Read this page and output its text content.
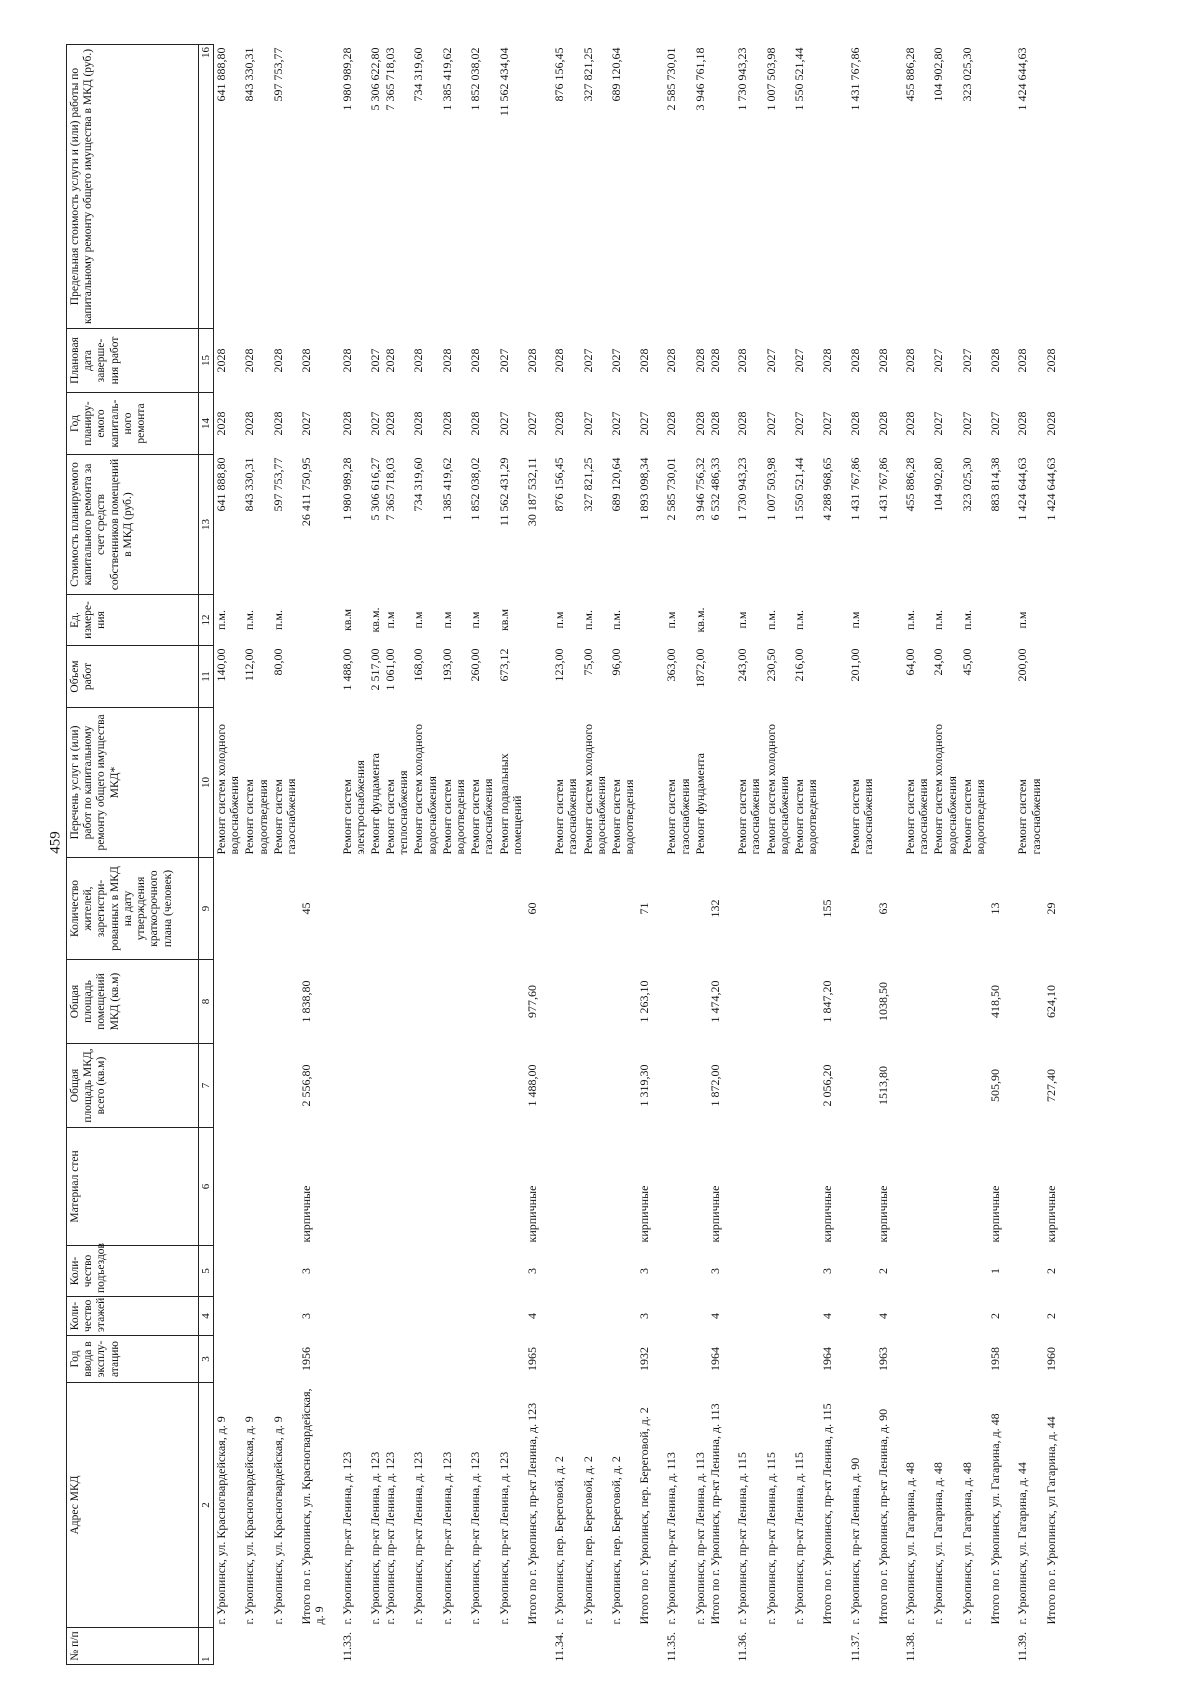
459
№ п/п	Адрес МКД	Год ввода в эксплу-атацию	Коли-чество этажей	Коли-чество подъездов	Материал стен	Общая площадь МКД, всего (кв.м)	Общая площадь помещений МКД (кв.м)	Количество жителей, зарегистри-рованных в МКД на дату утверждения краткосрочного плана (человек)	Перечень услуг и (или) работ по капитальному ремонту общего имущества МКД*	Объем работ	Ед. измере-ния	Стоимость планируемого капитального ремонта за счет средств собственников помещений в МКД (руб.)	Год планиру-емого капиталь-ного ремонта	Плановая дата заверше-ния работ	Предельная стоимость услуги и (или) работы по капитальному ремонту общего имущества в МКД (руб.)
1	2	3	4	5	6	7	8	9	10	11	12	13	14	15	16
	г. Урюпинск, ул. Красногвардейская, д. 9								Ремонт систем холодного водоснабжения	140,00	п.м.	641 888,80	2028	2028	641 888,80
	г. Урюпинск, ул. Красногвардейская, д. 9								Ремонт систем водоотведения	112,00	п.м.	843 330,31	2028	2028	843 330,31
	г. Урюпинск, ул. Красногвардейская, д. 9								Ремонт систем газоснабжения	80,00	п.м.	597 753,77	2028	2028	597 753,77
	Итого по г. Урюпинск, ул. Красногвардейская, д. 9	1956	3	3	кирпичные	2 556,80	1 838,80	45				26 411 750,95	2027	2028	

11.33.	г. Урюпинск, пр-кт Ленина, д. 123								Ремонт систем электроснабжения	1 488,00	кв.м	1 980 989,28	2028	2028	1 980 989,28
	г. Урюпинск, пр-кт Ленина, д. 123								Ремонт фундамента	2 517,00	кв.м.	5 306 616,27	2027	2027	5 306 622,80
	г. Урюпинск, пр-кт Ленина, д. 123								Ремонт систем теплоснабжения	1 061,00	п.м	7 365 718,03	2028	2028	7 365 718,03
	г. Урюпинск, пр-кт Ленина, д. 123								Ремонт систем холодного водоснабжения	168,00	п.м	734 319,60	2028	2028	734 319,60
	г. Урюпинск, пр-кт Ленина, д. 123								Ремонт систем водоотведения	193,00	п.м	1 385 419,62	2028	2028	1 385 419,62
	г. Урюпинск, пр-кт Ленина, д. 123								Ремонт систем газоснабжения	260,00	п.м	1 852 038,02	2028	2028	1 852 038,02
	г. Урюпинск, пр-кт Ленина, д. 123								Ремонт подвальных помещений	673,12	кв.м	11 562 431,29	2027	2027	11 562 434,04
	Итого по г. Урюпинск, пр-кт Ленина, д. 123	1965	4	3	кирпичные	1 488,00	977,60	60				30 187 532,11	2027	2028	

11.34.	г. Урюпинск, пер. Береговой, д. 2								Ремонт систем газоснабжения	123,00	п.м	876 156,45	2028	2028	876 156,45
	г. Урюпинск, пер. Береговой, д. 2								Ремонт систем холодного водоснабжения	75,00	п.м.	327 821,25	2027	2027	327 821,25
	г. Урюпинск, пер. Береговой, д. 2								Ремонт систем водоотведения	96,00	п.м.	689 120,64	2027	2027	689 120,64
	Итого по г. Урюпинск, пер. Береговой, д. 2	1932	3	3	кирпичные	1 319,30	1 263,10	71				1 893 098,34	2027	2028	

11.35.	г. Урюпинск, пр-кт Ленина, д. 113								Ремонт систем газоснабжения	363,00	п.м	2 585 730,01	2028	2028	2 585 730,01
	г. Урюпинск, пр-кт Ленина, д. 113								Ремонт фундамента	1872,00	кв.м.	3 946 756,32	2028	2028	3 946 761,18
	Итого по г. Урюпинск, пр-кт Ленина, д. 113	1964	4	3	кирпичные	1 872,00	1 474,20	132				6 532 486,33	2028	2028	

11.36.	г. Урюпинск, пр-кт Ленина, д. 115								Ремонт систем газоснабжения	243,00	п.м	1 730 943,23	2028	2028	1 730 943,23
	г. Урюпинск, пр-кт Ленина, д. 115								Ремонт систем холодного водоснабжения	230,50	п.м.	1 007 503,98	2027	2027	1 007 503,98
	г. Урюпинск, пр-кт Ленина, д. 115								Ремонт систем водоотведения	216,00	п.м.	1 550 521,44	2027	2027	1 550 521,44
	Итого по г. Урюпинск, пр-кт Ленина, д. 115	1964	4	3	кирпичные	2 056,20	1 847,20	155				4 288 968,65	2027	2028	

11.37.	г. Урюпинск, пр-кт Ленина, д. 90								Ремонт систем газоснабжения	201,00	п.м	1 431 767,86	2028	2028	1 431 767,86
	Итого по г. Урюпинск, пр-кт Ленина, д. 90	1963	4	2	кирпичные	1513,80	1038,50	63				1 431 767,86	2028	2028	

11.38.	г. Урюпинск, ул. Гагарина, д. 48								Ремонт систем газоснабжения	64,00	п.м.	455 886,28	2028	2028	455 886,28
	г. Урюпинск, ул. Гагарина, д. 48								Ремонт систем холодного водоснабжения	24,00	п.м.	104 902,80	2027	2027	104 902,80
	г. Урюпинск, ул. Гагарина, д. 48								Ремонт систем водоотведения	45,00	п.м.	323 025,30	2027	2027	323 025,30
	Итого по г. Урюпинск, ул. Гагарина, д. 48	1958	2	1	кирпичные	505,90	418,50	13				883 814,38	2027	2028	

11.39.	г. Урюпинск, ул. Гагарина, д. 44								Ремонт систем газоснабжения	200,00	п.м	1 424 644,63	2028	2028	1 424 644,63
	Итого по г. Урюпинск, ул Гагарина, д. 44	1960	2	2	кирпичные	727,40	624,10	29				1 424 644,63	2028	2028	
